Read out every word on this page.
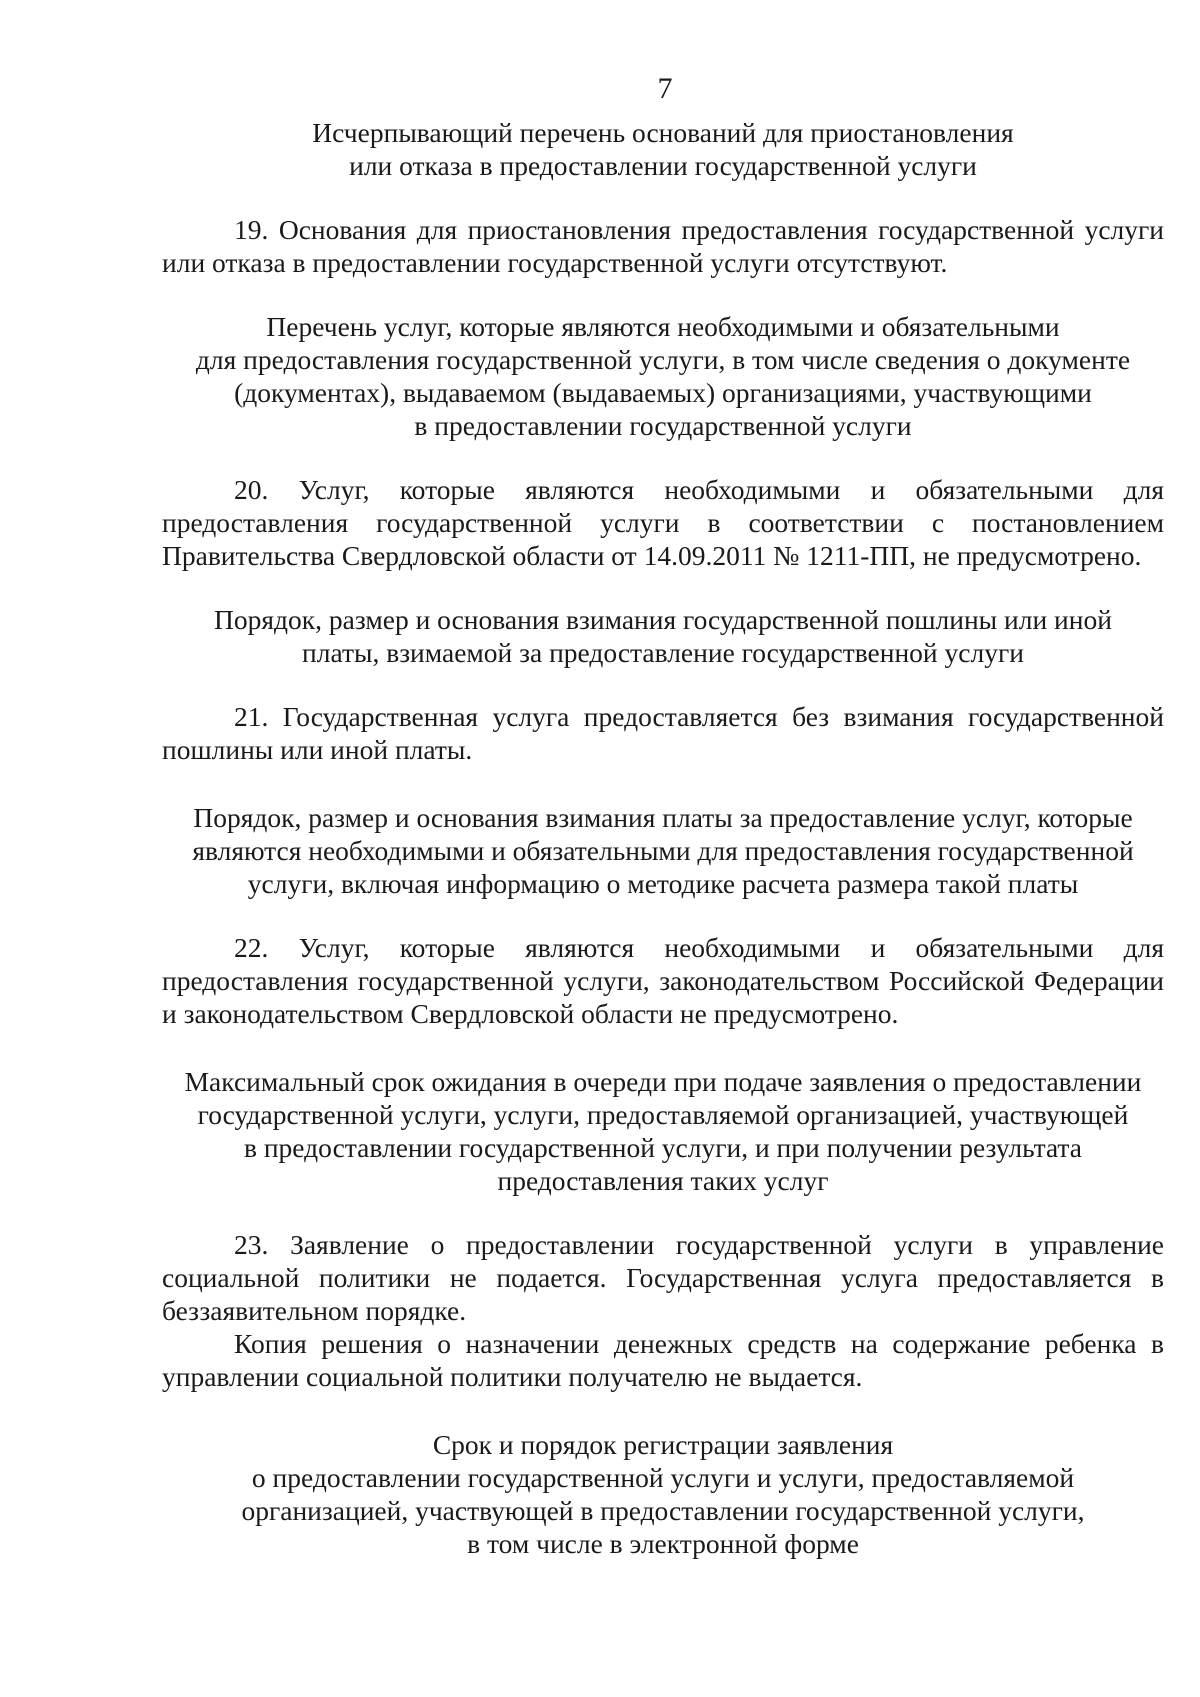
7
Исчерпывающий перечень оснований для приостановления
или отказа в предоставлении государственной услуги

19. Основания для приостановления предоставления государственной услуги или отказа в предоставлении государственной услуги отсутствуют.

Перечень услуг, которые являются необходимыми и обязательными
для предоставления государственной услуги, в том числе сведения о документе
(документах), выдаваемом (выдаваемых) организациями, участвующими
в предоставлении государственной услуги

20. Услуг, которые являются необходимыми и обязательными для предоставления государственной услуги в соответствии с постановлением Правительства Свердловской области от 14.09.2011 № 1211-ПП, не предусмотрено.

Порядок, размер и основания взимания государственной пошлины или иной
платы, взимаемой за предоставление государственной услуги

21. Государственная услуга предоставляется без взимания государственной пошлины или иной платы.

Порядок, размер и основания взимания платы за предоставление услуг, которые
являются необходимыми и обязательными для предоставления государственной
услуги, включая информацию о методике расчета размера такой платы

22. Услуг, которые являются необходимыми и обязательными для предоставления государственной услуги, законодательством Российской Федерации и законодательством Свердловской области не предусмотрено.

Максимальный срок ожидания в очереди при подаче заявления о предоставлении
государственной услуги, услуги, предоставляемой организацией, участвующей
в предоставлении государственной услуги, и при получении результата
предоставления таких услуг

23. Заявление о предоставлении государственной услуги в управление социальной политики не подается. Государственная услуга предоставляется в беззаявительном порядке.

Копия решения о назначении денежных средств на содержание ребенка в управлении социальной политики получателю не выдается.

Срок и порядок регистрации заявления
о предоставлении государственной услуги и услуги, предоставляемой
организацией, участвующей в предоставлении государственной услуги,
в том числе в электронной форме
